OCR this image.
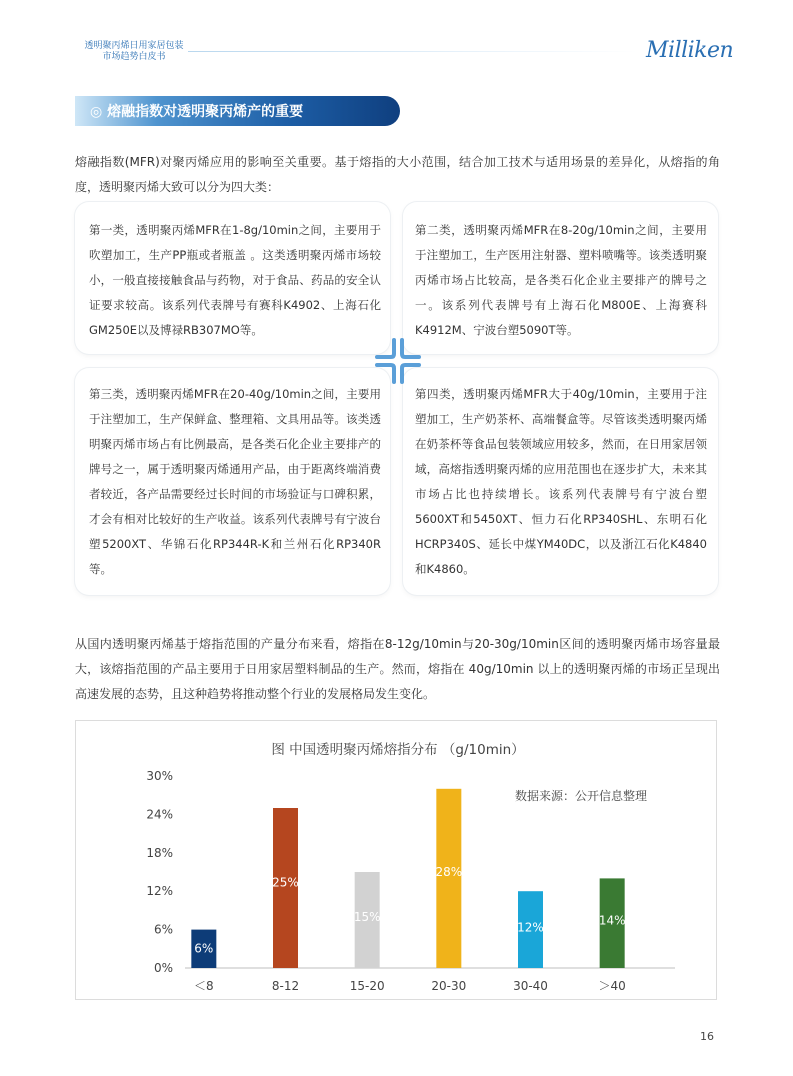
透明聚丙烯日用家居包装
市场趋势白皮书	Milliken
◎ 熔融指数对透明聚丙烯产的重要
熔融指数(MFR)对聚丙烯应用的影响至关重要。基于熔指的大小范围，结合加工技术与适用场景的差异化，从熔指的角度，透明聚丙烯大致可以分为四大类：
第一类，透明聚丙烯MFR在1-8g/10min之间，主要用于吹塑加工，生产PP瓶或者瓶盖 。这类透明聚丙烯市场较小，一般直接接触食品与药物，对于食品、药品的安全认证要求较高。该系列代表牌号有赛科K4902、上海石化GM250E以及博禄RB307MO等。
第二类，透明聚丙烯MFR在8-20g/10min之间，主要用于注塑加工，生产医用注射器、塑料喷嘴等。该类透明聚丙烯市场占比较高，是各类石化企业主要排产的牌号之一。该系列代表牌号有上海石化M800E、上海赛科K4912M、宁波台塑5090T等。
第三类，透明聚丙烯MFR在20-40g/10min之间，主要用于注塑加工，生产保鲜盒、整理箱、文具用品等。该类透明聚丙烯市场占有比例最高，是各类石化企业主要排产的牌号之一，属于透明聚丙烯通用产品，由于距离终端消费者较近，各产品需要经过长时间的市场验证与口碑积累，才会有相对比较好的生产收益。该系列代表牌号有宁波台塑5200XT、华锦石化RP344R-K和兰州石化RP340R等。
第四类，透明聚丙烯MFR大于40g/10min，主要用于注塑加工，生产奶茶杯、高端餐盒等。尽管该类透明聚丙烯在奶茶杯等食品包装领域应用较多，然而，在日用家居领域，高熔指透明聚丙烯的应用范围也在逐步扩大，未来其市场占比也持续增长。该系列代表牌号有宁波台塑5600XT和5450XT、恒力石化RP340SHL、东明石化HCRP340S、延长中煤YM40DC，以及浙江石化K4840和K4860。
从国内透明聚丙烯基于熔指范围的产量分布来看，熔指在8-12g/10min与20-30g/10min区间的透明聚丙烯市场容量最大，该熔指范围的产品主要用于日用家居塑料制品的生产。然而，熔指在 40g/10min 以上的透明聚丙烯的市场正呈现出高速发展的态势，且这种趋势将推动整个行业的发展格局发生变化。
图 中国透明聚丙烯熔指分布 （g/10min）
数据来源：公开信息整理
30%
24%
18%
12%
6%
0%
6%
25%
15%
28%
12%	14%
＜8	8-12	15-20	20-30	30-40	＞40
16
